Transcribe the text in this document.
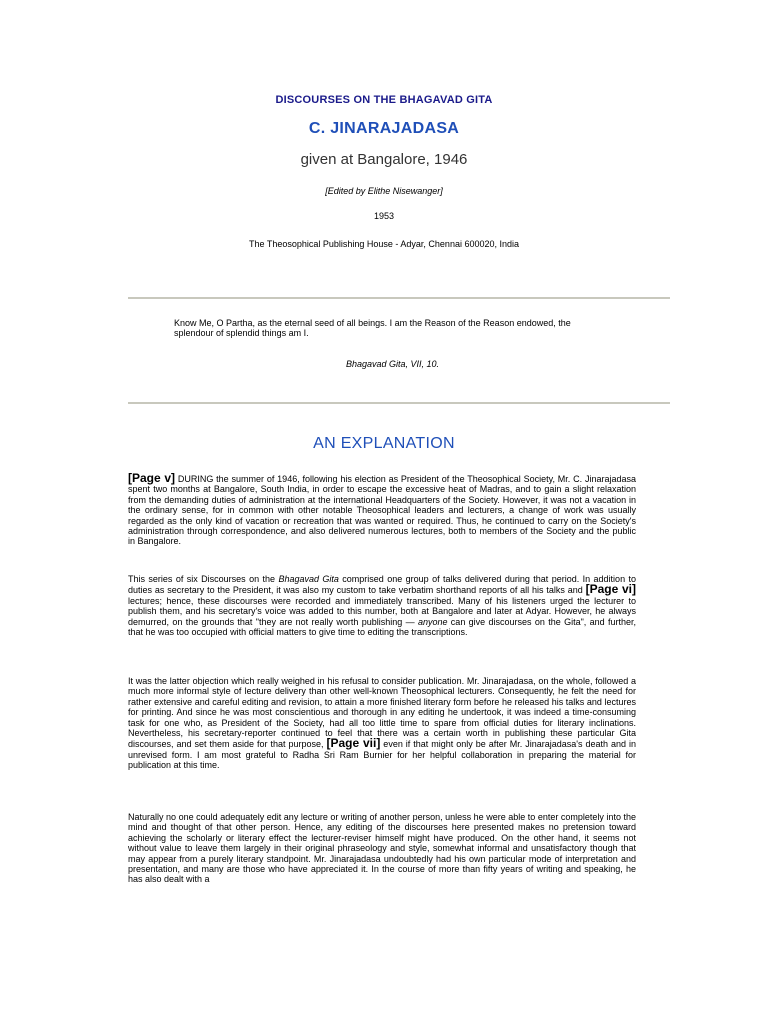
DISCOURSES ON THE BHAGAVAD GITA
C. JINARAJADASA
given at Bangalore, 1946
[Edited by Elithe Nisewanger]
1953
The Theosophical Publishing House - Adyar, Chennai 600020, India
Know Me, O Partha, as the eternal seed of all beings. I am the Reason of the Reason endowed, the splendour of splendid things am I.
Bhagavad Gita, VII, 10.
AN EXPLANATION
[Page v] DURING the summer of 1946, following his election as President of the Theosophical Society, Mr. C. Jinarajadasa spent two months at Bangalore, South India, in order to escape the excessive heat of Madras, and to gain a slight relaxation from the demanding duties of administration at the international Headquarters of the Society. However, it was not a vacation in the ordinary sense, for in common with other notable Theosophical leaders and lecturers, a change of work was usually regarded as the only kind of vacation or recreation that was wanted or required. Thus, he continued to carry on the Society's administration through correspondence, and also delivered numerous lectures, both to members of the Society and the public in Bangalore.
This series of six Discourses on the Bhagavad Gita comprised one group of talks delivered during that period. In addition to duties as secretary to the President, it was also my custom to take verbatim shorthand reports of all his talks and [Page vi] lectures; hence, these discourses were recorded and immediately transcribed. Many of his listeners urged the lecturer to publish them, and his secretary's voice was added to this number, both at Bangalore and later at Adyar. However, he always demurred, on the grounds that "they are not really worth publishing — anyone can give discourses on the Gita", and further, that he was too occupied with official matters to give time to editing the transcriptions.
It was the latter objection which really weighed in his refusal to consider publication. Mr. Jinarajadasa, on the whole, followed a much more informal style of lecture delivery than other well-known Theosophical lecturers. Consequently, he felt the need for rather extensive and careful editing and revision, to attain a more finished literary form before he released his talks and lectures for printing. And since he was most conscientious and thorough in any editing he undertook, it was indeed a time-consuming task for one who, as President of the Society, had all too little time to spare from official duties for literary inclinations. Nevertheless, his secretary-reporter continued to feel that there was a certain worth in publishing these particular Gita discourses, and set them aside for that purpose, [Page vii] even if that might only be after Mr. Jinarajadasa's death and in unrevised form. I am most grateful to Radha Sri Ram Burnier for her helpful collaboration in preparing the material for publication at this time.
Naturally no one could adequately edit any lecture or writing of another person, unless he were able to enter completely into the mind and thought of that other person. Hence, any editing of the discourses here presented makes no pretension toward achieving the scholarly or literary effect the lecturer-reviser himself might have produced. On the other hand, it seems not without value to leave them largely in their original phraseology and style, somewhat informal and unsatisfactory though that may appear from a purely literary standpoint. Mr. Jinarajadasa undoubtedly had his own particular mode of interpretation and presentation, and many are those who have appreciated it. In the course of more than fifty years of writing and speaking, he has also dealt with a
